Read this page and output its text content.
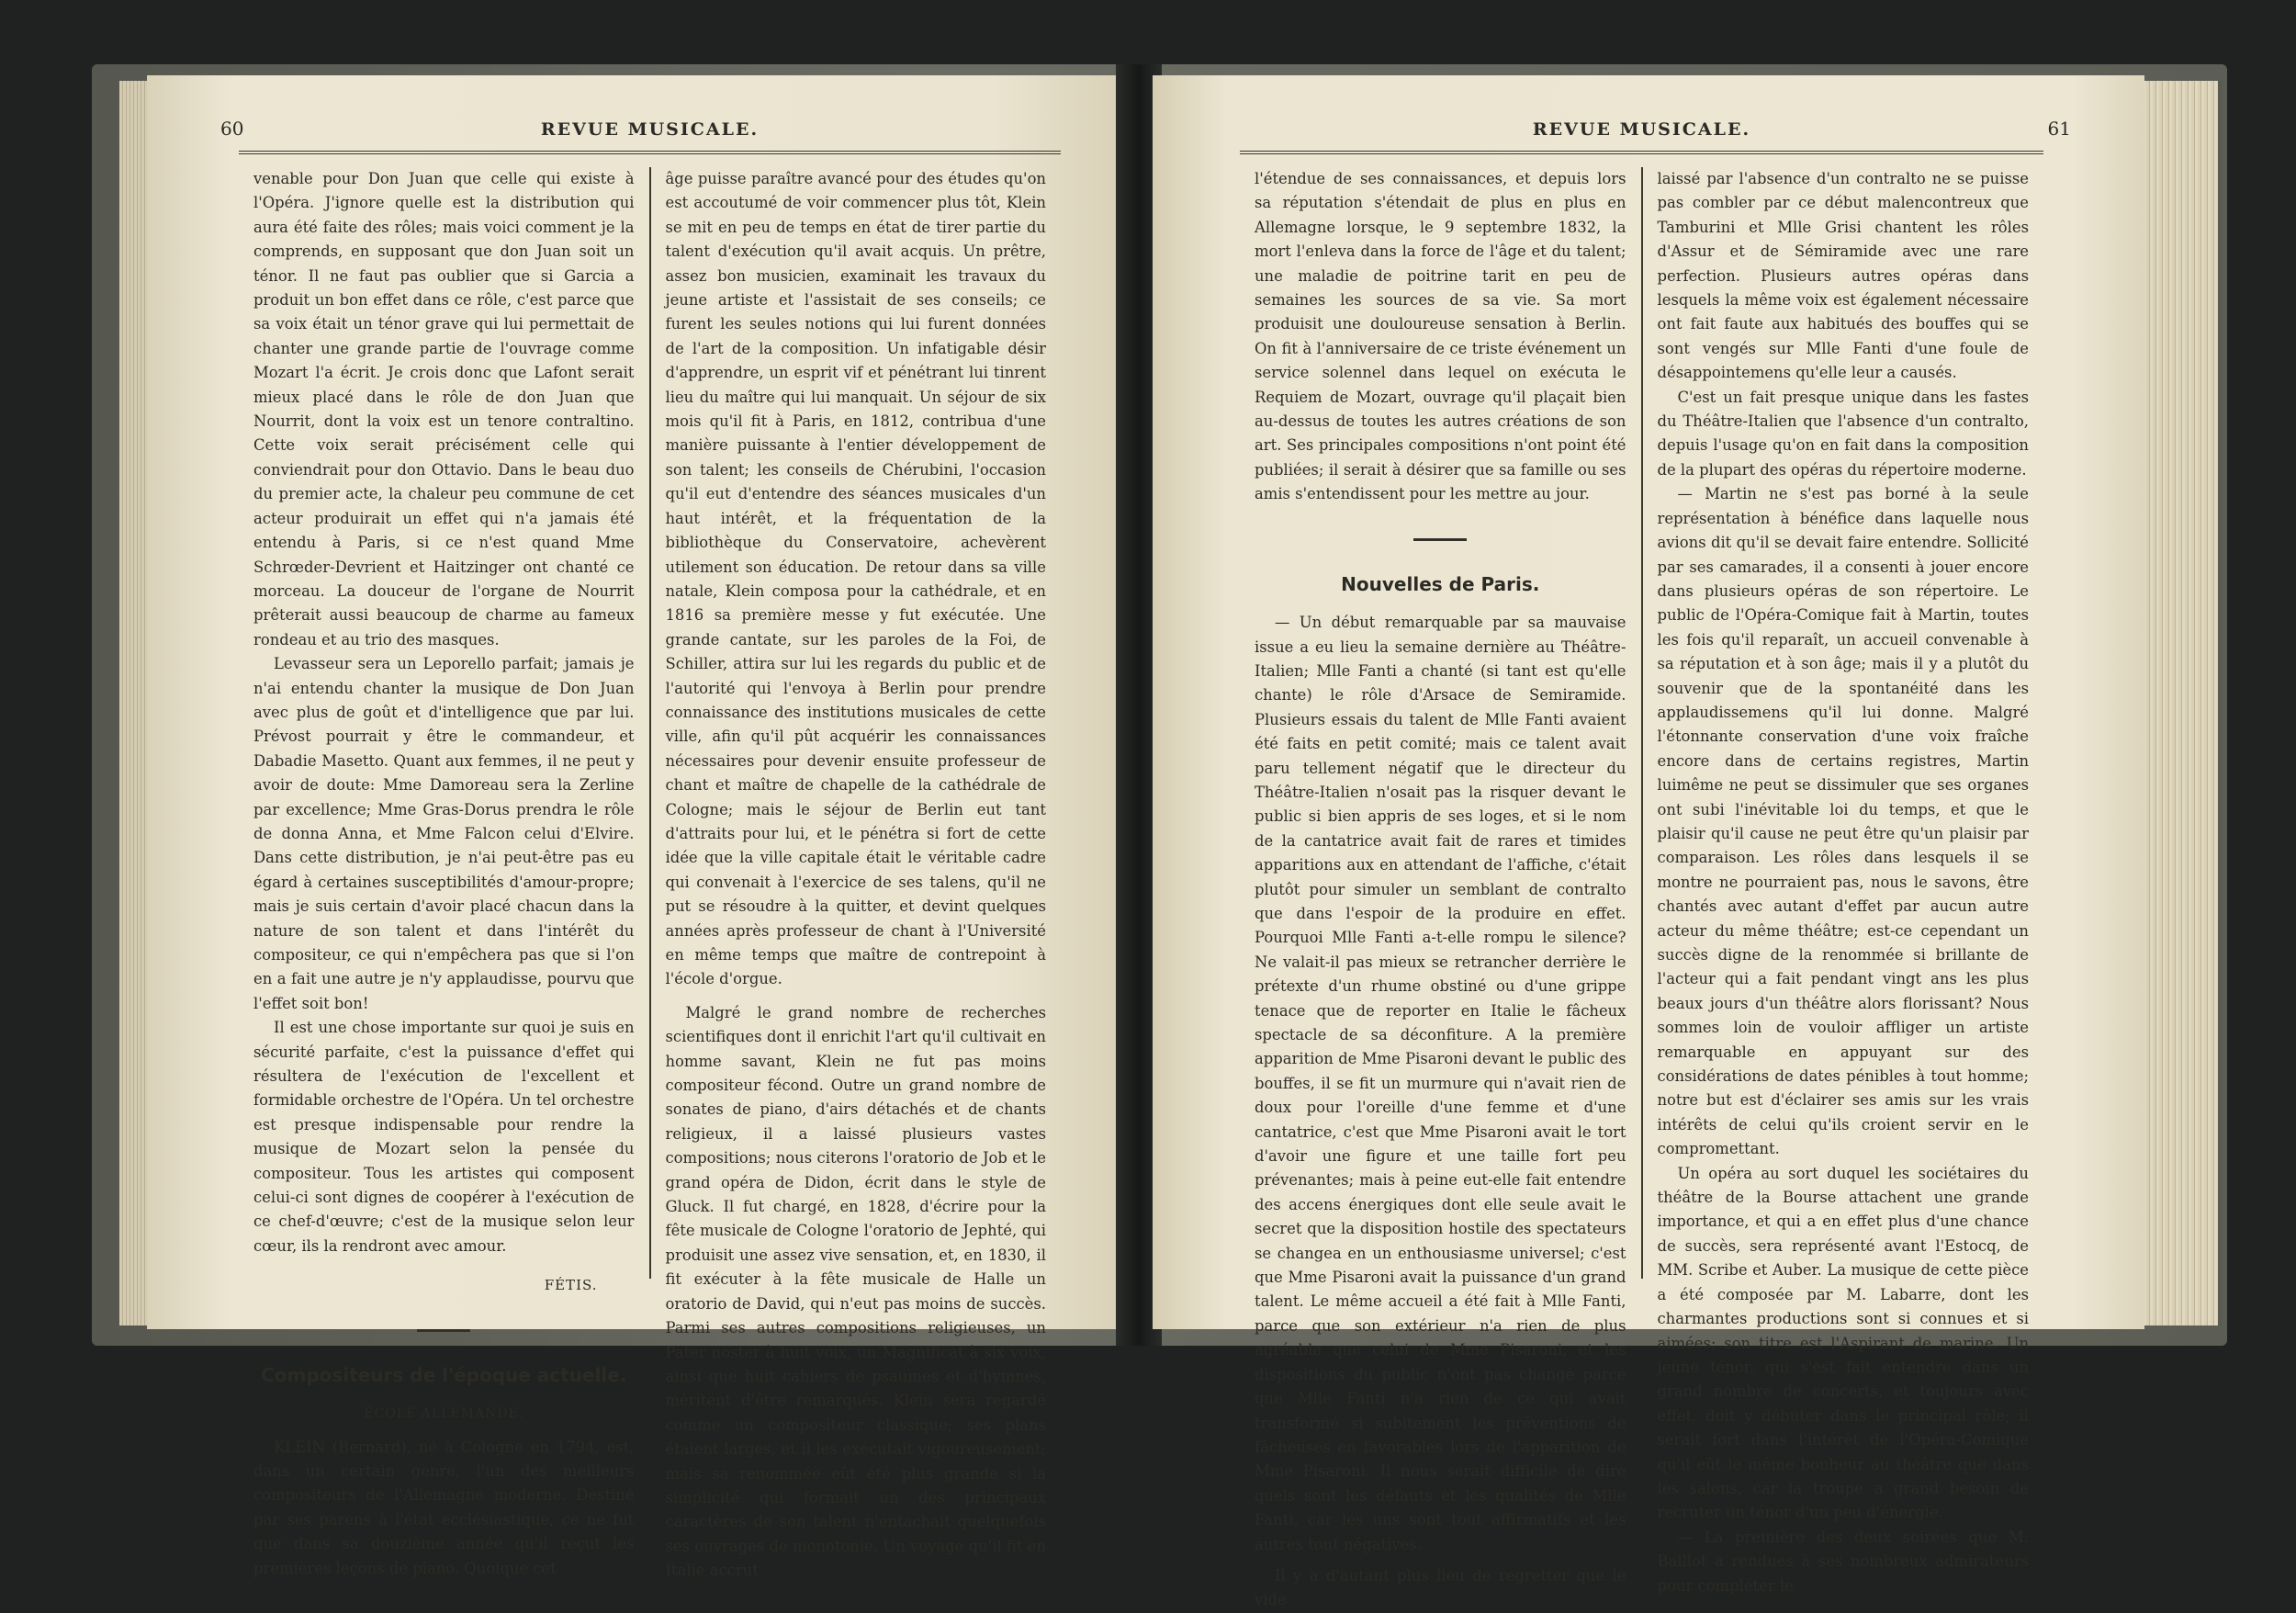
60	REVUE MUSICALE.

venable pour Don Juan que celle qui existe à l'Opéra. J'ignore quelle est la distribution qui aura été faite des rôles; mais voici comment je la comprends, en supposant que don Juan soit un ténor. Il ne faut pas oublier que si Garcia a produit un bon effet dans ce rôle, c'est parce que sa voix était un ténor grave qui lui permettait de chanter une grande partie de l'ouvrage comme Mozart l'a écrit. Je crois donc que Lafont serait mieux placé dans le rôle de don Juan que Nourrit, dont la voix est un tenore contraltino. Cette voix serait précisément celle qui conviendrait pour don Ottavio. Dans le beau duo du premier acte, la chaleur peu commune de cet acteur produirait un effet qui n'a jamais été entendu à Paris, si ce n'est quand Mme Schrœder-Devrient et Haitzinger ont chanté ce morceau. La douceur de l'organe de Nourrit prêterait aussi beaucoup de charme au fameux rondeau et au trio des masques.

Levasseur sera un Leporello parfait; jamais je n'ai entendu chanter la musique de Don Juan avec plus de goût et d'intelligence que par lui. Prévost pourrait y être le commandeur, et Dabadie Masetto. Quant aux femmes, il ne peut y avoir de doute: Mme Damoreau sera la Zerline par excellence; Mme Gras-Dorus prendra le rôle de donna Anna, et Mme Falcon celui d'Elvire. Dans cette distribution, je n'ai peut-être pas eu égard à certaines susceptibilités d'amour-propre; mais je suis certain d'avoir placé chacun dans la nature de son talent et dans l'intérêt du compositeur, ce qui n'empêchera pas que si l'on en a fait une autre je n'y applaudisse, pourvu que l'effet soit bon!

Il est une chose importante sur quoi je suis en sécurité parfaite, c'est la puissance d'effet qui résultera de l'exécution de l'excellent et formidable orchestre de l'Opéra. Un tel orchestre est presque indispensable pour rendre la musique de Mozart selon la pensée du compositeur. Tous les artistes qui composent celui-ci sont dignes de coopérer à l'exécution de ce chef-d'œuvre; c'est de la musique selon leur cœur, ils la rendront avec amour.

FÉTIS.

Compositeurs de l'époque actuelle.
ÉCOLE ALLEMANDE.

KLEIN (Bernard), né à Cologne en 1794, est, dans un certain genre, l'un des meilleurs compositeurs de l'Allemagne moderne. Destiné par ses parens à l'état ecclésiastique, ce ne fut que dans sa douzième année qu'il reçut les premières leçons de piano. Quoique cet

âge puisse paraître avancé pour des études qu'on est accoutumé de voir commencer plus tôt, Klein se mit en peu de temps en état de tirer partie du talent d'exécution qu'il avait acquis. Un prêtre, assez bon musicien, examinait les travaux du jeune artiste et l'assistait de ses conseils; ce furent les seules notions qui lui furent données de l'art de la composition. Un infatigable désir d'apprendre, un esprit vif et pénétrant lui tinrent lieu du maître qui lui manquait. Un séjour de six mois qu'il fit à Paris, en 1812, contribua d'une manière puissante à l'entier développement de son talent; les conseils de Chérubini, l'occasion qu'il eut d'entendre des séances musicales d'un haut intérêt, et la fréquentation de la bibliothèque du Conservatoire, achevèrent utilement son éducation. De retour dans sa ville natale, Klein composa pour la cathédrale, et en 1816 sa première messe y fut exécutée. Une grande cantate, sur les paroles de la Foi, de Schiller, attira sur lui les regards du public et de l'autorité qui l'envoya à Berlin pour prendre connaissance des institutions musicales de cette ville, afin qu'il pût acquérir les connaissances nécessaires pour devenir ensuite professeur de chant et maître de chapelle de la cathédrale de Cologne; mais le séjour de Berlin eut tant d'attraits pour lui, et le pénétra si fort de cette idée que la ville capitale était le véritable cadre qui convenait à l'exercice de ses talens, qu'il ne put se résoudre à la quitter, et devint quelques années après professeur de chant à l'Université en même temps que maître de contrepoint à l'école d'orgue.

Malgré le grand nombre de recherches scientifiques dont il enrichit l'art qu'il cultivait en homme savant, Klein ne fut pas moins compositeur fécond. Outre un grand nombre de sonates de piano, d'airs détachés et de chants religieux, il a laissé plusieurs vastes compositions; nous citerons l'oratorio de Job et le grand opéra de Didon, écrit dans le style de Gluck. Il fut chargé, en 1828, d'écrire pour la fête musicale de Cologne l'oratorio de Jephté, qui produisit une assez vive sensation, et, en 1830, il fit exécuter à la fête musicale de Halle un oratorio de David, qui n'eut pas moins de succès. Parmi ses autres compositions religieuses, un Pater noster à huit voix, un Magnificat à six voix, ainsi que huit cahiers de psaumes et d'hymnes, méritent d'être remarqués. Klein sera regardé comme un compositeur classique; ses plans étaient larges, et il les exécutait vigoureusement; mais sa renommée eût été plus grande si la simplicité qui formait un des principaux caractères de son talent n'entachait quelquefois ses ouvrages de monotonie. Un voyage qu'il fit en Italie accrut

REVUE MUSICALE.	61

l'étendue de ses connaissances, et depuis lors sa réputation s'étendait de plus en plus en Allemagne lorsque, le 9 septembre 1832, la mort l'enleva dans la force de l'âge et du talent; une maladie de poitrine tarit en peu de semaines les sources de sa vie. Sa mort produisit une douloureuse sensation à Berlin. On fit à l'anniversaire de ce triste événement un service solennel dans lequel on exécuta le Requiem de Mozart, ouvrage qu'il plaçait bien au-dessus de toutes les autres créations de son art. Ses principales compositions n'ont point été publiées; il serait à désirer que sa famille ou ses amis s'entendissent pour les mettre au jour.

Nouvelles de Paris.

— Un début remarquable par sa mauvaise issue a eu lieu la semaine dernière au Théâtre-Italien; Mlle Fanti a chanté (si tant est qu'elle chante) le rôle d'Arsace de Semiramide. Plusieurs essais du talent de Mlle Fanti avaient été faits en petit comité; mais ce talent avait paru tellement négatif que le directeur du Théâtre-Italien n'osait pas la risquer devant le public si bien appris de ses loges, et si le nom de la cantatrice avait fait de rares et timides apparitions aux en attendant de l'affiche, c'était plutôt pour simuler un semblant de contralto que dans l'espoir de la produire en effet. Pourquoi Mlle Fanti a-t-elle rompu le silence? Ne valait-il pas mieux se retrancher derrière le prétexte d'un rhume obstiné ou d'une grippe tenace que de reporter en Italie le fâcheux spectacle de sa déconfiture. A la première apparition de Mme Pisaroni devant le public des bouffes, il se fit un murmure qui n'avait rien de doux pour l'oreille d'une femme et d'une cantatrice, c'est que Mme Pisaroni avait le tort d'avoir une figure et une taille fort peu prévenantes; mais à peine eut-elle fait entendre des accens énergiques dont elle seule avait le secret que la disposition hostile des spectateurs se changea en un enthousiasme universel; c'est que Mme Pisaroni avait la puissance d'un grand talent. Le même accueil a été fait à Mlle Fanti, parce que son extérieur n'a rien de plus agréable que celui de Mme Pisaroni, et les dispositions du public n'ont pas changé parce que Mlle Fanti n'a rien de ce qui avait transformé si subitement les préventions de fâcheuses en favorables lors de l'apparition de Mme Pisaroni. Il nous serait difficile de dire quels sont les défauts et les qualités de Mlle Fanti, car les uns sont tout affirmatifs et les autres tout négatives.

Il y a d'autant plus lieu de regretter que le vide

laissé par l'absence d'un contralto ne se puisse pas combler par ce début malencontreux que Tamburini et Mlle Grisi chantent les rôles d'Assur et de Sémiramide avec une rare perfection. Plusieurs autres opéras dans lesquels la même voix est également nécessaire ont fait faute aux habitués des bouffes qui se sont vengés sur Mlle Fanti d'une foule de désappointemens qu'elle leur a causés.

C'est un fait presque unique dans les fastes du Théâtre-Italien que l'absence d'un contralto, depuis l'usage qu'on en fait dans la composition de la plupart des opéras du répertoire moderne.

— Martin ne s'est pas borné à la seule représentation à bénéfice dans laquelle nous avions dit qu'il se devait faire entendre. Sollicité par ses camarades, il a consenti à jouer encore dans plusieurs opéras de son répertoire. Le public de l'Opéra-Comique fait à Martin, toutes les fois qu'il reparaît, un accueil convenable à sa réputation et à son âge; mais il y a plutôt du souvenir que de la spontanéité dans les applaudissemens qu'il lui donne. Malgré l'étonnante conservation d'une voix fraîche encore dans de certains registres, Martin luimême ne peut se dissimuler que ses organes ont subi l'inévitable loi du temps, et que le plaisir qu'il cause ne peut être qu'un plaisir par comparaison. Les rôles dans lesquels il se montre ne pourraient pas, nous le savons, être chantés avec autant d'effet par aucun autre acteur du même théâtre; est-ce cependant un succès digne de la renommée si brillante de l'acteur qui a fait pendant vingt ans les plus beaux jours d'un théâtre alors florissant? Nous sommes loin de vouloir affliger un artiste remarquable en appuyant sur des considérations de dates pénibles à tout homme; notre but est d'éclairer ses amis sur les vrais intérêts de celui qu'ils croient servir en le compromettant.

Un opéra au sort duquel les sociétaires du théâtre de la Bourse attachent une grande importance, et qui a en effet plus d'une chance de succès, sera représenté avant l'Estocq, de MM. Scribe et Auber. La musique de cette pièce a été composée par M. Labarre, dont les charmantes productions sont si connues et si aimées; son titre est l'Aspirant de marine. Un jeune ténor, qui s'est fait entendre dans un grand nombre de concerts, et toujours avec effet, doit y débuter dans le principal rôle; il serait fort dans l'intérêt de l'Opéra-Comique qu'il eût le même bonheur au théâtre que dans les salons, car la troupe a grand besoin de recruter un ténor d'un peu d'énergie.

— La première des deux soirées que M. Baillot a rendues à ses nombreux admirateurs pour compléter le
